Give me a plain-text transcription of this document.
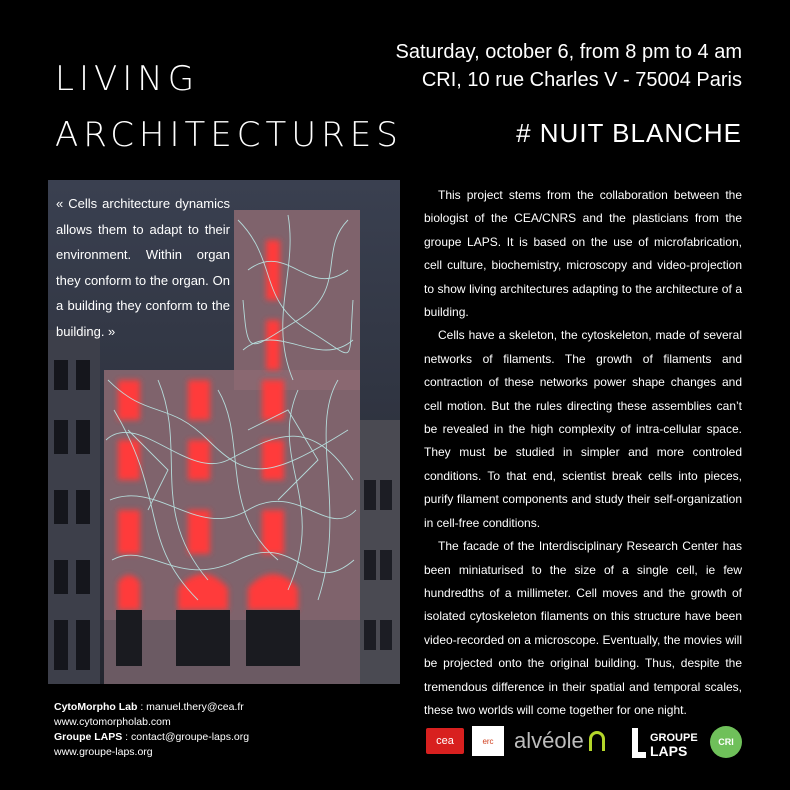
LIVING
ARCHITECTURES
Saturday, october 6, from 8 pm to 4 am
CRI, 10 rue Charles V - 75004 Paris
# NUIT BLANCHE
« Cells architecture dynamics allows them to adapt to their environment. Within organ they conform to the organ. On a building they conform to the building. »

This project stems from the collaboration between the biologist of the CEA/CNRS and the plasticians from the groupe LAPS. It is based on the use of microfabrication, cell culture, biochemistry, microscopy and video-projection to show living architectures adapting to the architecture of a building.

Cells have a skeleton, the cytoskeleton, made of several networks of filaments. The growth of filaments and contraction of these networks power shape changes and cell motion. But the rules directing these assemblies can’t be revealed in the high complexity of intra-cellular space. They must be studied in simpler and more controled conditions. To that end, scientist break cells into pieces, purify filament components and study their self-organization in cell-free conditions.

The facade of the Interdisciplinary Research Center has been miniaturised to the size of a single cell, ie few hundredths of a millimeter. Cell moves and the growth of isolated cytoskeleton filaments on this structure have been video-recorded on a microscope. Eventually, the movies will be projected onto the original building. Thus, despite the tremendous difference in their spatial and temporal scales, these two worlds will come together for one night.

CytoMorpho Lab : manuel.thery@cea.fr
www.cytomorpholab.com
Groupe LAPS : contact@groupe-laps.org
www.groupe-laps.org
cea	erc alvéole	GROUPE
LAPS
CRI
